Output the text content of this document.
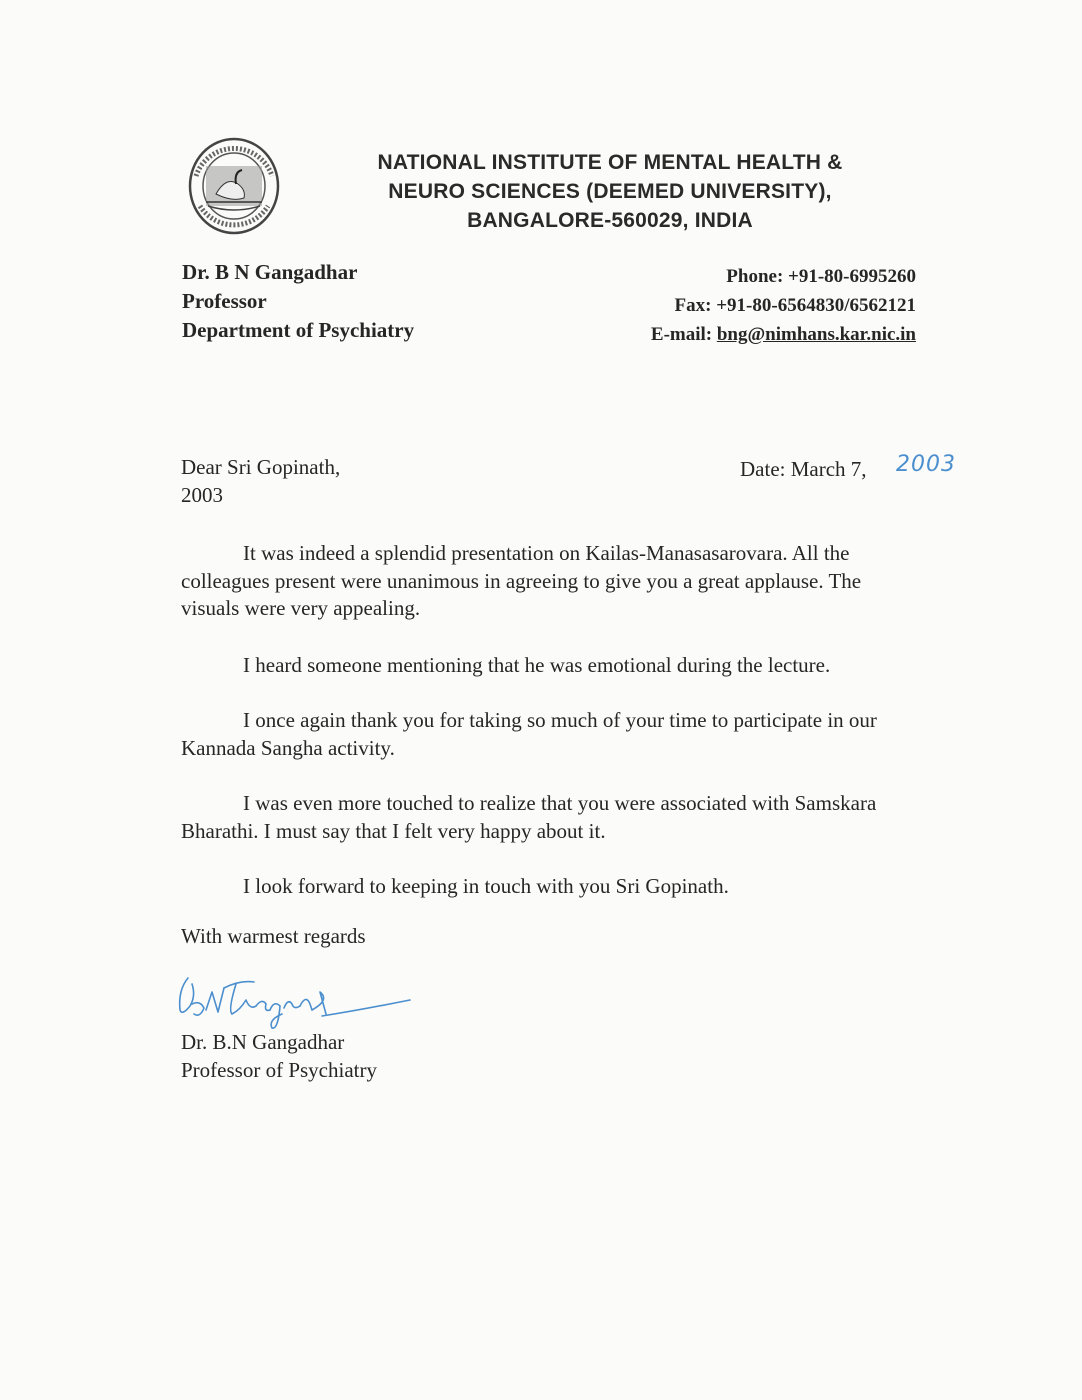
NATIONAL INSTITUTE OF MENTAL HEALTH &
NEURO SCIENCES (DEEMED UNIVERSITY),
BANGALORE-560029, INDIA
Dr. B N Gangadhar
Professor
Department of Psychiatry
Phone: +91-80-6995260
Fax: +91-80-6564830/6562121
E-mail: bng@nimhans.kar.nic.in
Dear Sri Gopinath,
2003
Date: March 7, 2003
It was indeed a splendid presentation on Kailas-Manasasarovara. All the colleagues present were unanimous in agreeing to give you a great applause. The visuals were very appealing.
I heard someone mentioning that he was emotional during the lecture.
I once again thank you for taking so much of your time to participate in our Kannada Sangha activity.
I was even more touched to realize that you were associated with Samskara Bharathi. I must say that I felt very happy about it.
I look forward to keeping in touch with you Sri Gopinath.
With warmest regards
Dr. B.N Gangadhar
Professor of Psychiatry
